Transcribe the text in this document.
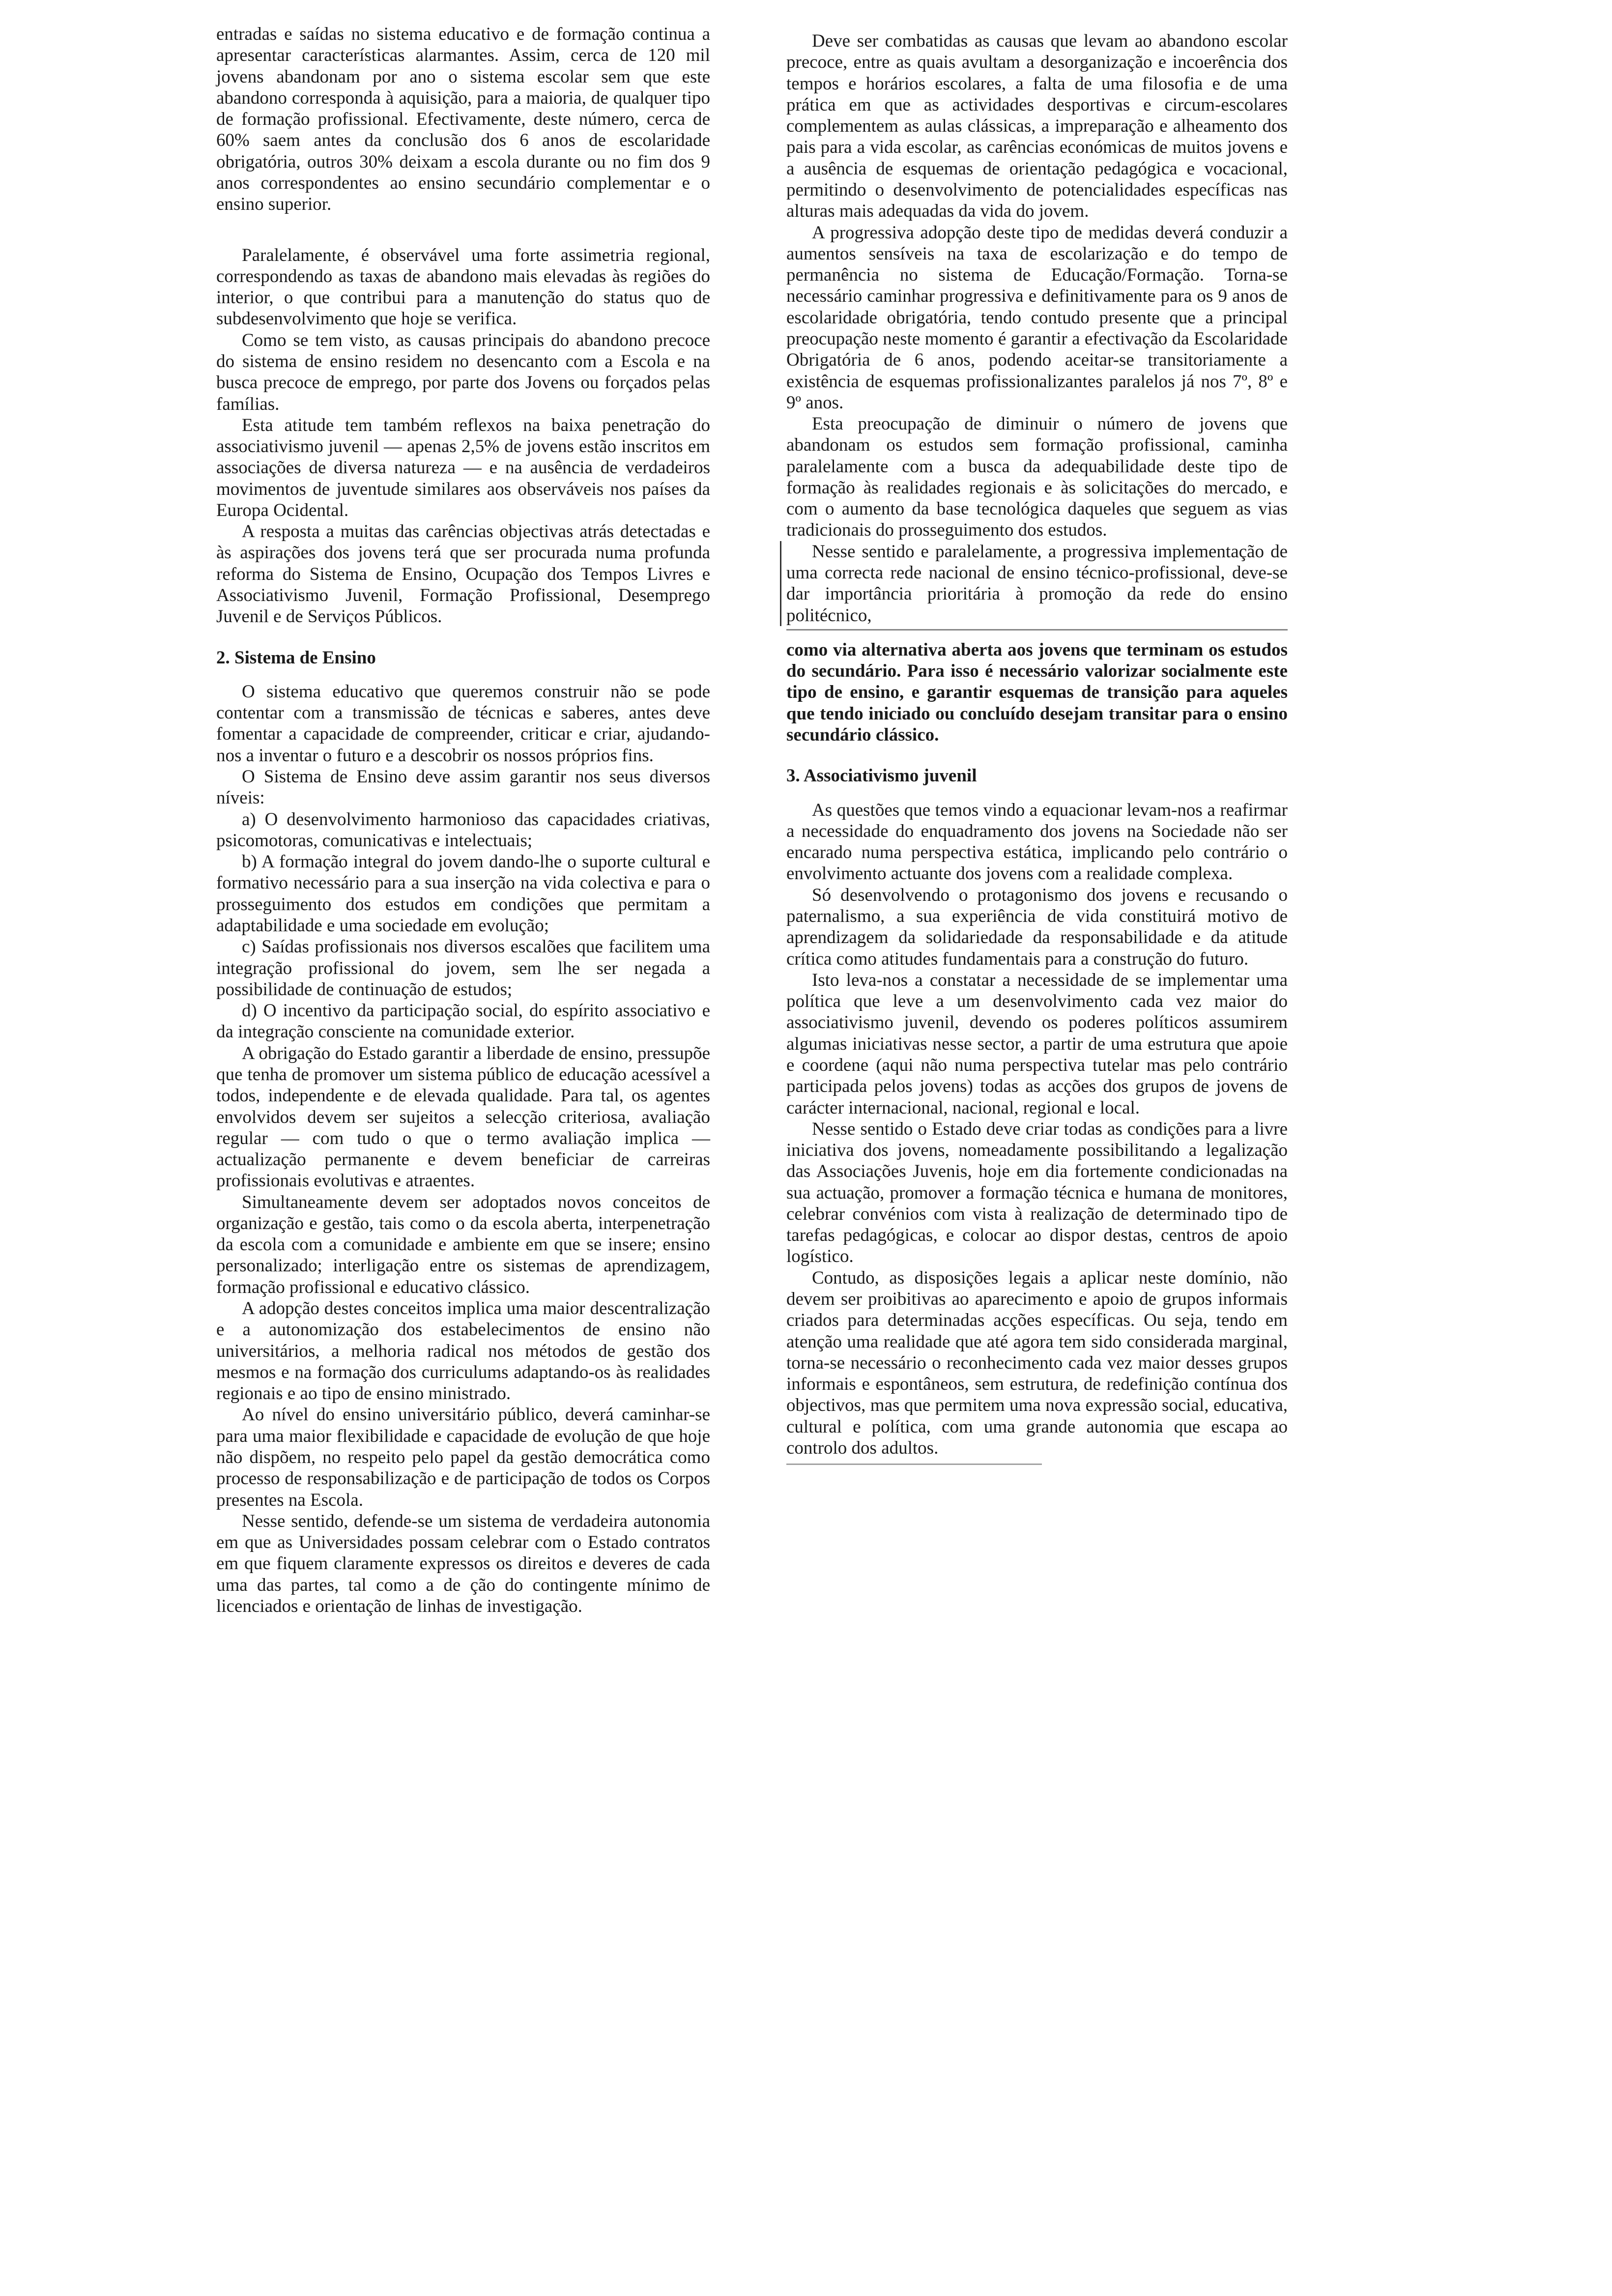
entradas e saídas no sistema educativo e de formação continua a apresentar características alarmantes. Assim, cerca de 120 mil jovens abandonam por ano o sistema escolar sem que este abandono corresponda à aquisição, para a maioria, de qualquer tipo de formação profissional. Efectivamente, deste número, cerca de 60% saem antes da conclusão dos 6 anos de escolaridade obrigatória, outros 30% deixam a escola durante ou no fim dos 9 anos correspondentes ao ensino secundário complementar e o ensino superior.

Paralelamente, é observável uma forte assimetria regional, correspondendo as taxas de abandono mais elevadas às regiões do interior, o que contribui para a manutenção do status quo de subdesenvolvimento que hoje se verifica.

Como se tem visto, as causas principais do abandono precoce do sistema de ensino residem no desencanto com a Escola e na busca precoce de emprego, por parte dos Jovens ou forçados pelas famílias.

Esta atitude tem também reflexos na baixa penetração do associativismo juvenil — apenas 2,5% de jovens estão inscritos em associações de diversa natureza — e na ausência de verdadeiros movimentos de juventude similares aos observáveis nos países da Europa Ocidental.

A resposta a muitas das carências objectivas atrás detectadas e às aspirações dos jovens terá que ser procurada numa profunda reforma do Sistema de Ensino, Ocupação dos Tempos Livres e Associativismo Juvenil, Formação Profissional, Desemprego Juvenil e de Serviços Públicos.

2. Sistema de Ensino

O sistema educativo que queremos construir não se pode contentar com a transmissão de técnicas e saberes, antes deve fomentar a capacidade de compreender, criticar e criar, ajudando-nos a inventar o futuro e a descobrir os nossos próprios fins.

O Sistema de Ensino deve assim garantir nos seus diversos níveis:

a) O desenvolvimento harmonioso das capacidades criativas, psicomotoras, comunicativas e intelectuais;

b) A formação integral do jovem dando-lhe o suporte cultural e formativo necessário para a sua inserção na vida colectiva e para o prosseguimento dos estudos em condições que permitam a adaptabilidade e uma sociedade em evolução;

c) Saídas profissionais nos diversos escalões que facilitem uma integração profissional do jovem, sem lhe ser negada a possibilidade de continuação de estudos;

d) O incentivo da participação social, do espírito associativo e da integração consciente na comunidade exterior.

A obrigação do Estado garantir a liberdade de ensino, pressupõe que tenha de promover um sistema público de educação acessível a todos, independente e de elevada qualidade. Para tal, os agentes envolvidos devem ser sujeitos a selecção criteriosa, avaliação regular — com tudo o que o termo avaliação implica — actualização permanente e devem beneficiar de carreiras profissionais evolutivas e atraentes.

Simultaneamente devem ser adoptados novos conceitos de organização e gestão, tais como o da escola aberta, interpenetração da escola com a comunidade e ambiente em que se insere; ensino personalizado; interligação entre os sistemas de aprendizagem, formação profissional e educativo clássico.

A adopção destes conceitos implica uma maior descentralização e a autonomização dos estabelecimentos de ensino não universitários, a melhoria radical nos métodos de gestão dos mesmos e na formação dos curriculums adaptando-os às realidades regionais e ao tipo de ensino ministrado.

Ao nível do ensino universitário público, deverá caminhar-se para uma maior flexibilidade e capacidade de evolução de que hoje não dispõem, no respeito pelo papel da gestão democrática como processo de responsabilização e de participação de todos os Corpos presentes na Escola.

Nesse sentido, defende-se um sistema de verdadeira autonomia em que as Universidades possam celebrar com o Estado contratos em que fiquem claramente expressos os direitos e deveres de cada uma das partes, tal como a de ção do contingente mínimo de licenciados e orientação de linhas de investigação.

Deve ser combatidas as causas que levam ao abandono escolar precoce, entre as quais avultam a desorganização e incoerência dos tempos e horários escolares, a falta de uma filosofia e de uma prática em que as actividades desportivas e circum-escolares complementem as aulas clássicas, a impreparação e alheamento dos pais para a vida escolar, as carências económicas de muitos jovens e a ausência de esquemas de orientação pedagógica e vocacional, permitindo o desenvolvimento de potencialidades específicas nas alturas mais adequadas da vida do jovem.

A progressiva adopção deste tipo de medidas deverá conduzir a aumentos sensíveis na taxa de escolarização e do tempo de permanência no sistema de Educação/Formação. Torna-se necessário caminhar progressiva e definitivamente para os 9 anos de escolaridade obrigatória, tendo contudo presente que a principal preocupação neste momento é garantir a efectivação da Escolaridade Obrigatória de 6 anos, podendo aceitar-se transitoriamente a existência de esquemas profissionalizantes paralelos já nos 7º, 8º e 9º anos.

Esta preocupação de diminuir o número de jovens que abandonam os estudos sem formação profissional, caminha paralelamente com a busca da adequabilidade deste tipo de formação às realidades regionais e às solicitações do mercado, e com o aumento da base tecnológica daqueles que seguem as vias tradicionais do prosseguimento dos estudos.

Nesse sentido e paralelamente, a progressiva implementação de uma correcta rede nacional de ensino técnico-profissional, deve-se dar importância prioritária à promoção da rede do ensino politécnico,

como via alternativa aberta aos jovens que terminam os estudos do secundário. Para isso é necessário valorizar socialmente este tipo de ensino, e garantir esquemas de transição para aqueles que tendo iniciado ou concluído desejam transitar para o ensino secundário clássico.

3. Associativismo juvenil

As questões que temos vindo a equacionar levam-nos a reafirmar a necessidade do enquadramento dos jovens na Sociedade não ser encarado numa perspectiva estática, implicando pelo contrário o envolvimento actuante dos jovens com a realidade complexa.

Só desenvolvendo o protagonismo dos jovens e recusando o paternalismo, a sua experiência de vida constituirá motivo de aprendizagem da solidariedade da responsabilidade e da atitude crítica como atitudes fundamentais para a construção do futuro.

Isto leva-nos a constatar a necessidade de se implementar uma política que leve a um desenvolvimento cada vez maior do associativismo juvenil, devendo os poderes políticos assumirem algumas iniciativas nesse sector, a partir de uma estrutura que apoie e coordene (aqui não numa perspectiva tutelar mas pelo contrário participada pelos jovens) todas as acções dos grupos de jovens de carácter internacional, nacional, regional e local.

Nesse sentido o Estado deve criar todas as condições para a livre iniciativa dos jovens, nomeadamente possibilitando a legalização das Associações Juvenis, hoje em dia fortemente condicionadas na sua actuação, promover a formação técnica e humana de monitores, celebrar convénios com vista à realização de determinado tipo de tarefas pedagógicas, e colocar ao dispor destas, centros de apoio logístico.

Contudo, as disposições legais a aplicar neste domínio, não devem ser proibitivas ao aparecimento e apoio de grupos informais criados para determinadas acções específicas. Ou seja, tendo em atenção uma realidade que até agora tem sido considerada marginal, torna-se necessário o reconhecimento cada vez maior desses grupos informais e espontâneos, sem estrutura, de redefinição contínua dos objectivos, mas que permitem uma nova expressão social, educativa, cultural e política, com uma grande autonomia que escapa ao controlo dos adultos.
